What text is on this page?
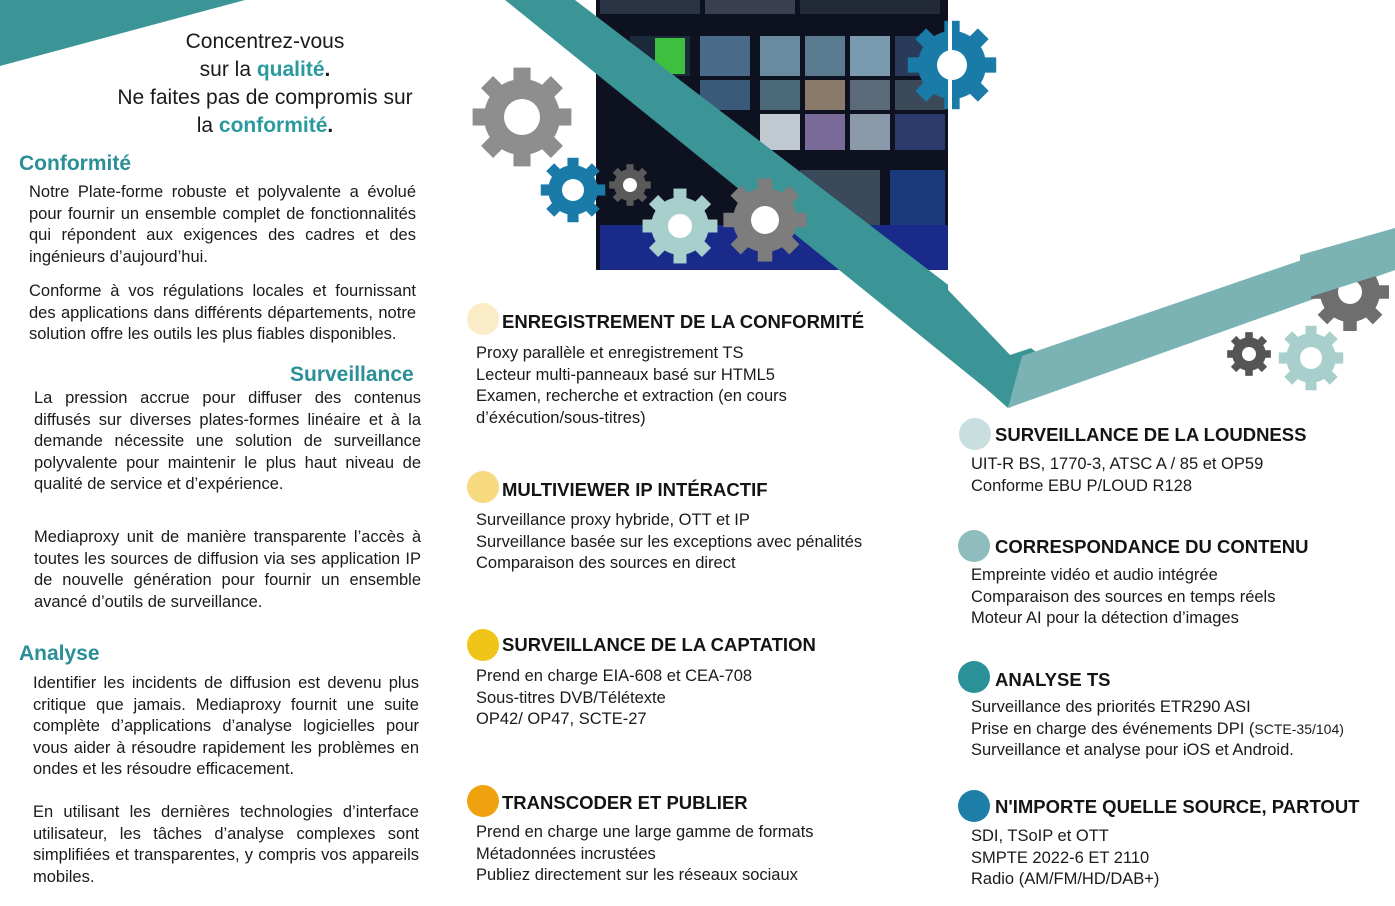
Concentrez-vous
sur la qualité.
Ne faites pas de compromis sur
la conformité.
Conformité
Notre Plate-forme robuste et polyvalente a évolué pour fournir un ensemble complet de fonctionnalités qui répondent aux exigences des cadres et des ingénieurs d’aujourd’hui.
Conforme à vos régulations locales et fournissant des applications dans différents départements, notre solution offre les outils les plus fiables disponibles.
Surveillance
La pression accrue pour diffuser des contenus diffusés sur diverses plates-formes linéaire et à la demande nécessite une solution de surveillance polyvalente pour maintenir le plus haut niveau de qualité de service et d’expérience.
Mediaproxy unit de manière transparente l’accès à toutes les sources de diffusion via ses application IP de nouvelle génération pour fournir un ensemble avancé d’outils de surveillance.
Analyse
Identifier les incidents de diffusion est devenu plus critique que jamais. Mediaproxy fournit une suite complète d’applications d’analyse logicielles pour vous aider à résoudre rapidement les problèmes en ondes et les résoudre efficacement.
En utilisant les dernières technologies d’interface utilisateur, les tâches d’analyse complexes sont simplifiées et transparentes, y compris vos appareils mobiles.
ENREGISTREMENT DE LA CONFORMITÉ
Proxy parallèle et enregistrement TS
Lecteur multi-panneaux basé sur HTML5
Examen, recherche et extraction (en cours
d’éxécution/sous-titres)
MULTIVIEWER IP INTÉRACTIF
Surveillance proxy hybride, OTT et IP
Surveillance basée sur les exceptions avec pénalités
Comparaison des sources en direct
SURVEILLANCE DE LA CAPTATION
Prend en charge EIA-608 et CEA-708
Sous-titres DVB/Télétexte
OP42/ OP47, SCTE-27
TRANSCODER ET PUBLIER
Prend en charge une large gamme de formats
Métadonnées incrustées
Publiez directement sur les réseaux sociaux
SURVEILLANCE DE LA LOUDNESS
UIT-R BS, 1770-3, ATSC A / 85 et OP59
Conforme EBU P/LOUD R128
CORRESPONDANCE DU CONTENU
Empreinte vidéo et audio intégrée
Comparaison des sources en temps réels
Moteur AI pour la détection d’images
ANALYSE TS
Surveillance des priorités ETR290 ASI
Prise en charge des événements DPI (SCTE-35/104)
Surveillance et analyse pour iOS et Android.
N'IMPORTE QUELLE SOURCE, PARTOUT
SDI, TSoIP et OTT
SMPTE 2022-6 ET 2110
Radio (AM/FM/HD/DAB+)
